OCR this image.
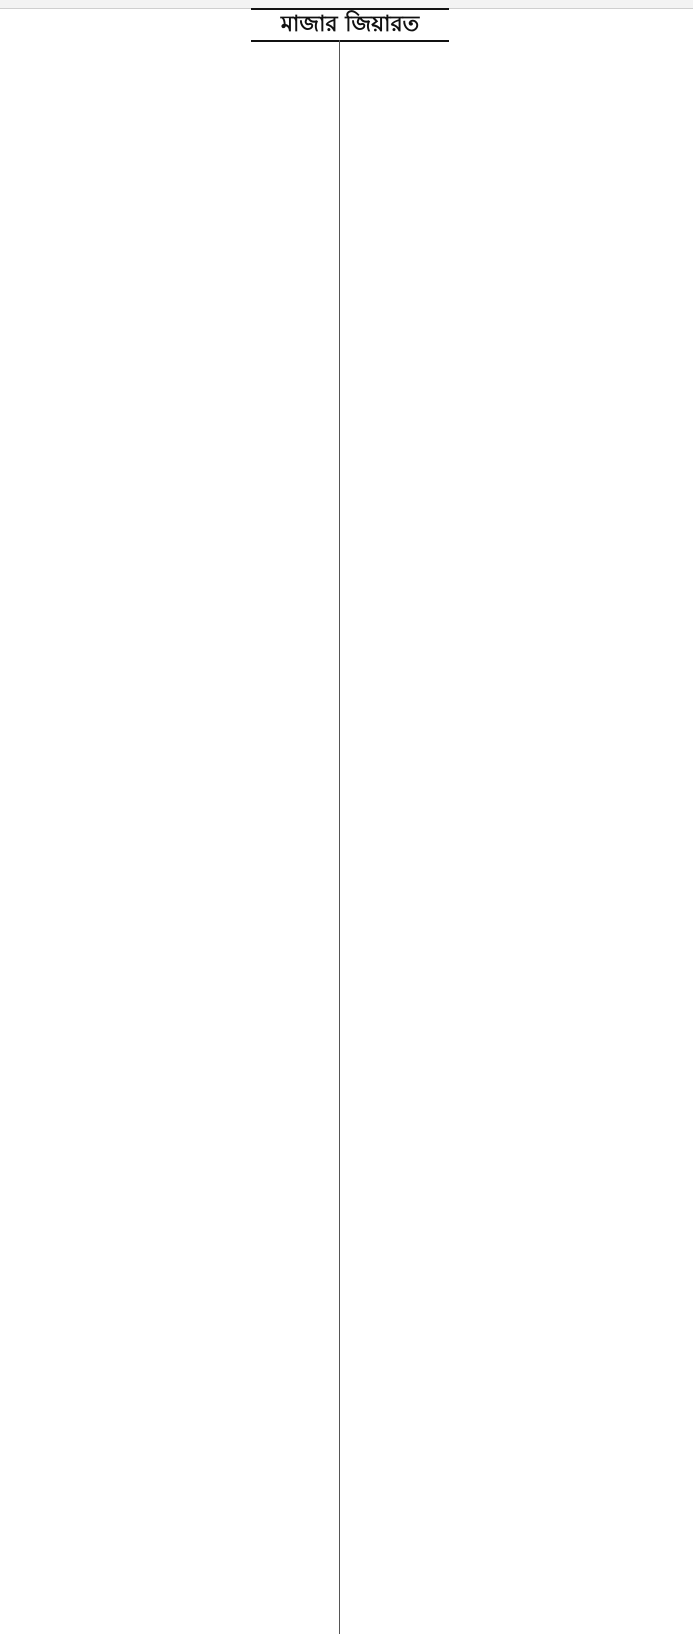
মাজার জিয়ারত
